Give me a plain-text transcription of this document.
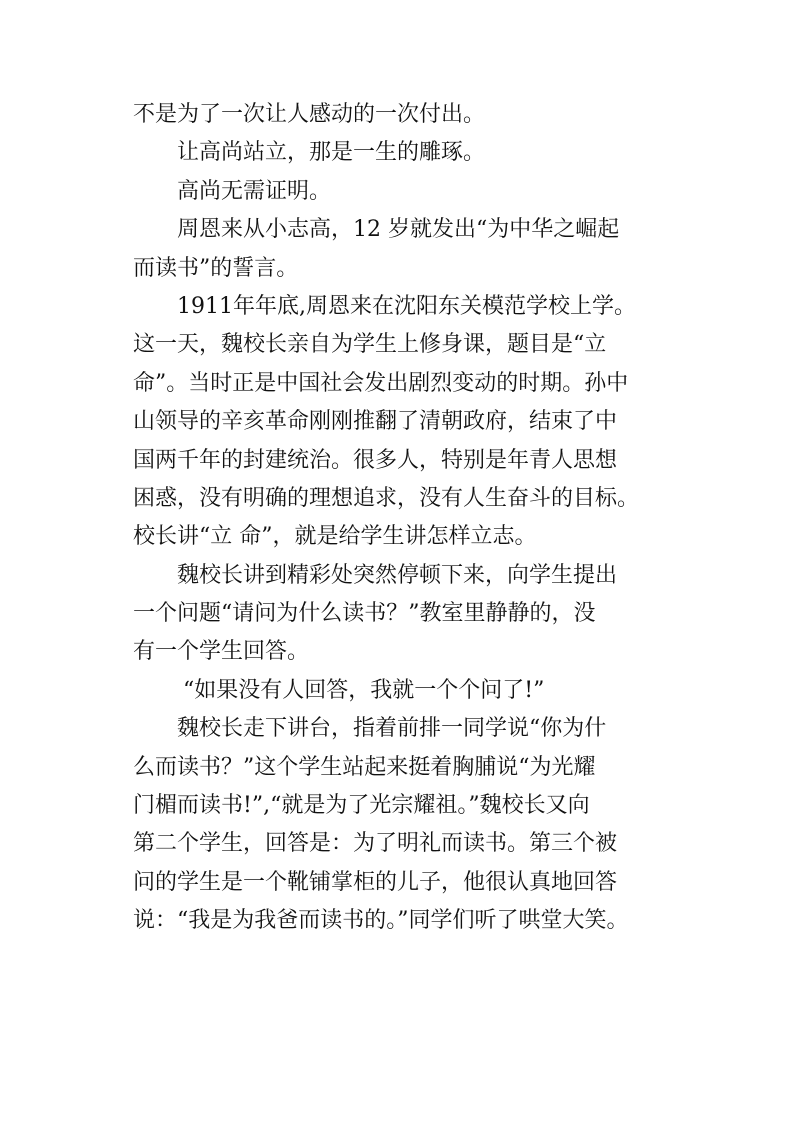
不是为了一次让人感动的一次付出。
让高尚站立，那是一生的雕琢。
高尚无需证明。
周恩来从小志高，12 岁就发出“为中华之崛起
而读书”的誓言。
1911年年底,周恩来在沈阳东关模范学校上学。
这一天，魏校长亲自为学生上修身课，题目是“立
命”。当时正是中国社会发出剧烈变动的时期。孙中
山领导的辛亥革命刚刚推翻了清朝政府，结束了中
国两千年的封建统治。很多人，特别是年青人思想
困惑，没有明确的理想追求，没有人生奋斗的目标。
校长讲“立 命”，就是给学生讲怎样立志。
魏校长讲到精彩处突然停顿下来，向学生提出
一个问题“请问为什么读书？”教室里静静的，没
有一个学生回答。
“如果没有人回答，我就一个个问了!”
魏校长走下讲台，指着前排一同学说“你为什
么而读书？”这个学生站起来挺着胸脯说“为光耀
门楣而读书!”,“就是为了光宗耀祖。”魏校长又向
第二个学生，回答是：为了明礼而读书。第三个被
问的学生是一个靴铺掌柜的儿子，他很认真地回答
说：“我是为我爸而读书的。”同学们听了哄堂大笑。
